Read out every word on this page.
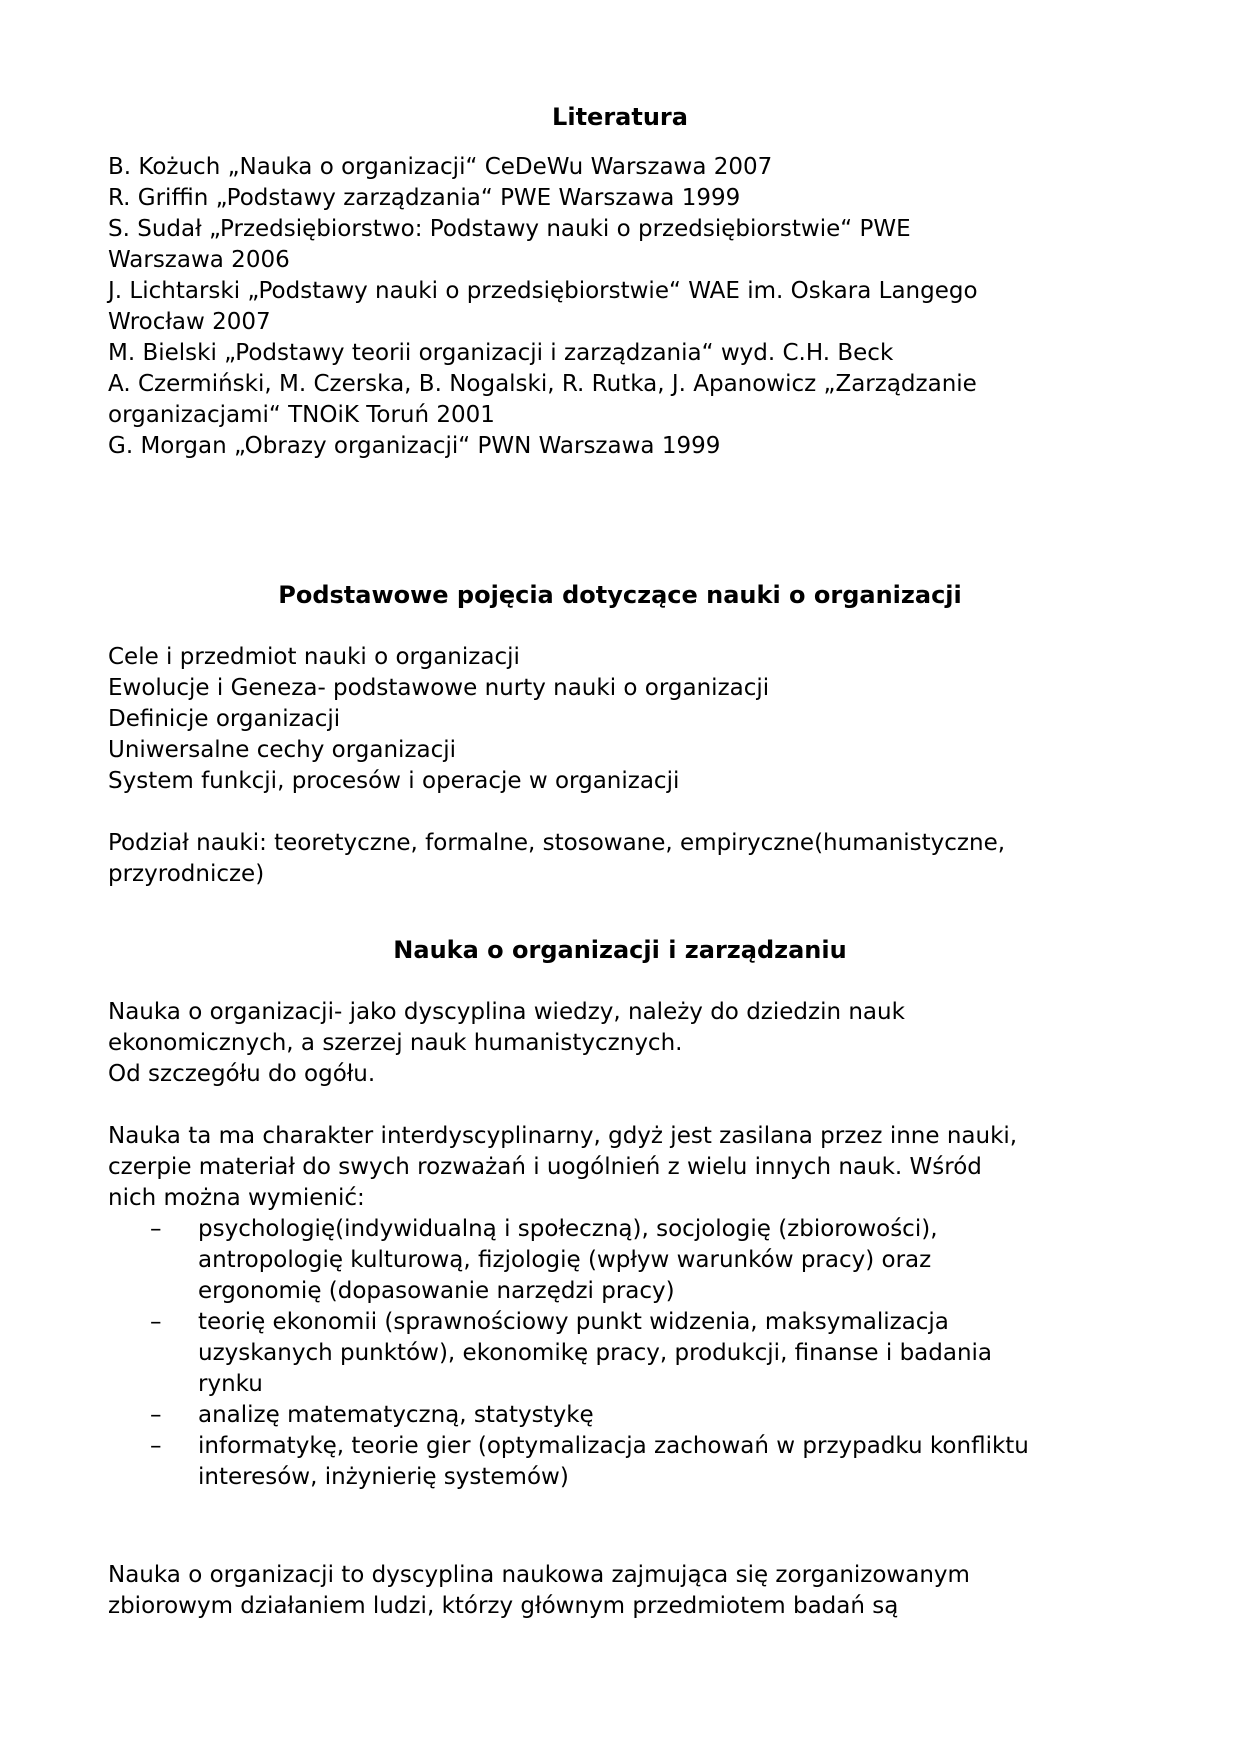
Literatura
B. Kożuch „Nauka o organizacji“ CeDeWu Warszawa 2007
R. Griffin „Podstawy zarządzania“ PWE Warszawa 1999
S. Sudał „Przedsiębiorstwo: Podstawy nauki o przedsiębiorstwie“ PWE
Warszawa 2006
J. Lichtarski „Podstawy nauki o przedsiębiorstwie“ WAE im. Oskara Langego
Wrocław 2007
M. Bielski „Podstawy teorii organizacji i zarządzania“ wyd. C.H. Beck
A. Czermiński, M. Czerska, B. Nogalski, R. Rutka, J. Apanowicz „Zarządzanie
organizacjami“ TNOiK Toruń 2001
G. Morgan „Obrazy organizacji“ PWN Warszawa 1999
Podstawowe pojęcia dotyczące nauki o organizacji
Cele i przedmiot nauki o organizacji
Ewolucje i Geneza- podstawowe nurty nauki o organizacji
Definicje organizacji
Uniwersalne cechy organizacji
System funkcji, procesów i operacje w organizacji
Podział nauki: teoretyczne, formalne, stosowane, empiryczne(humanistyczne,
przyrodnicze)
Nauka o organizacji i zarządzaniu
Nauka o organizacji- jako dyscyplina wiedzy, należy do dziedzin nauk
ekonomicznych, a szerzej nauk humanistycznych.
Od szczegółu do ogółu.
Nauka ta ma charakter interdyscyplinarny, gdyż jest zasilana przez inne nauki,
czerpie materiał do swych rozważań i uogólnień z wielu innych nauk. Wśród
nich można wymienić:
– psychologię(indywidualną i społeczną), socjologię (zbiorowości),
antropologię kulturową, fizjologię (wpływ warunków pracy) oraz
ergonomię (dopasowanie narzędzi pracy)
– teorię ekonomii (sprawnościowy punkt widzenia, maksymalizacja
uzyskanych punktów), ekonomikę pracy, produkcji, finanse i badania
rynku
– analizę matematyczną, statystykę
– informatykę, teorie gier (optymalizacja zachowań w przypadku konfliktu
interesów, inżynierię systemów)
Nauka o organizacji to dyscyplina naukowa zajmująca się zorganizowanym
zbiorowym działaniem ludzi, którzy głównym przedmiotem badań są
